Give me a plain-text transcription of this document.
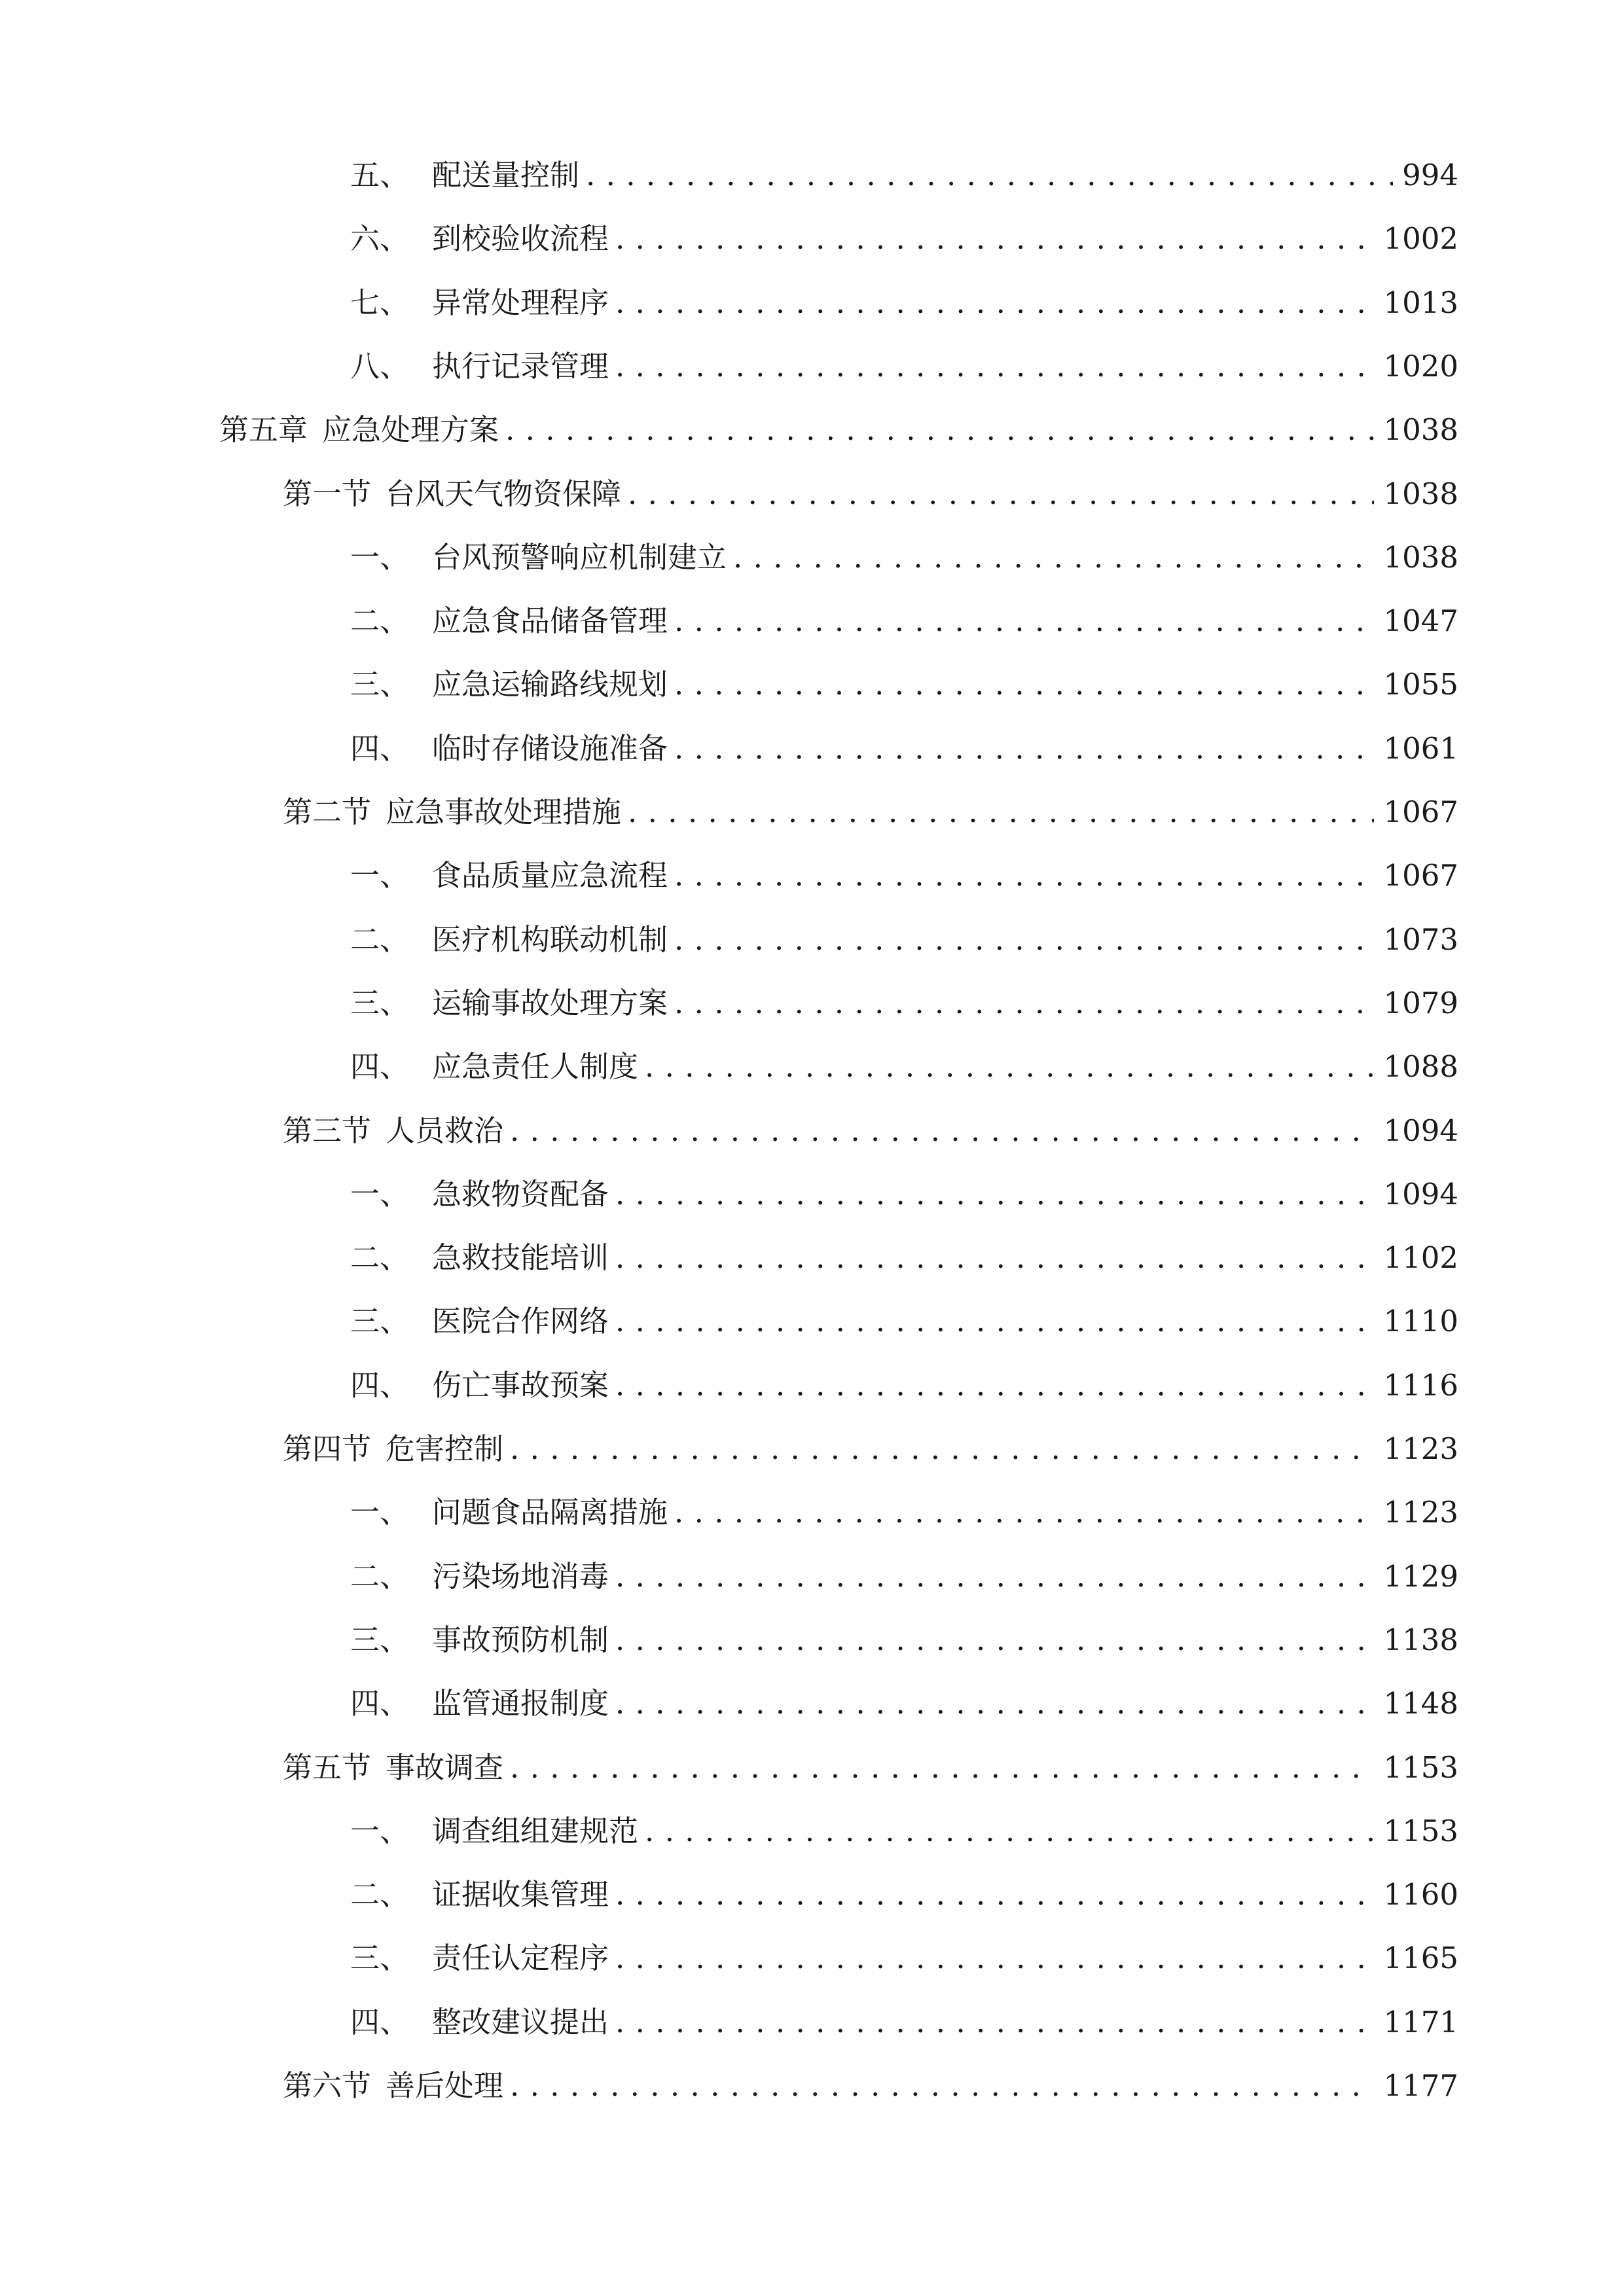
五、 配送量控制 . . .	994
六、 到校验收流程 . . .	1002
七、 异常处理程序 . . .	1013
八、 执行记录管理 . . .	1020
第五章 应急处理方案 . . .	1038
第一节 台风天气物资保障 . . .	1038
一、 台风预警响应机制建立 . . .	1038
二、 应急食品储备管理 . . .	1047
三、 应急运输路线规划 . . .	1055
四、 临时存储设施准备 . . .	1061
第二节 应急事故处理措施 . . .	1067
一、 食品质量应急流程 . . .	1067
二、 医疗机构联动机制 . . .	1073
三、 运输事故处理方案 . . .	1079
四、 应急责任人制度 . . .	1088
第三节 人员救治 . . .	1094
一、 急救物资配备 . . .	1094
二、 急救技能培训 . . .	1102
三、 医院合作网络 . . .	1110
四、 伤亡事故预案 . . .	1116
第四节 危害控制 . . .	1123
一、 问题食品隔离措施 . . .	1123
二、 污染场地消毒 . . .	1129
三、 事故预防机制 . . .	1138
四、 监管通报制度 . . .	1148
第五节 事故调查 . . .	1153
一、 调查组组建规范 . . .	1153
二、 证据收集管理 . . .	1160
三、 责任认定程序 . . .	1165
四、 整改建议提出 . . .	1171
第六节 善后处理 . . .	1177
